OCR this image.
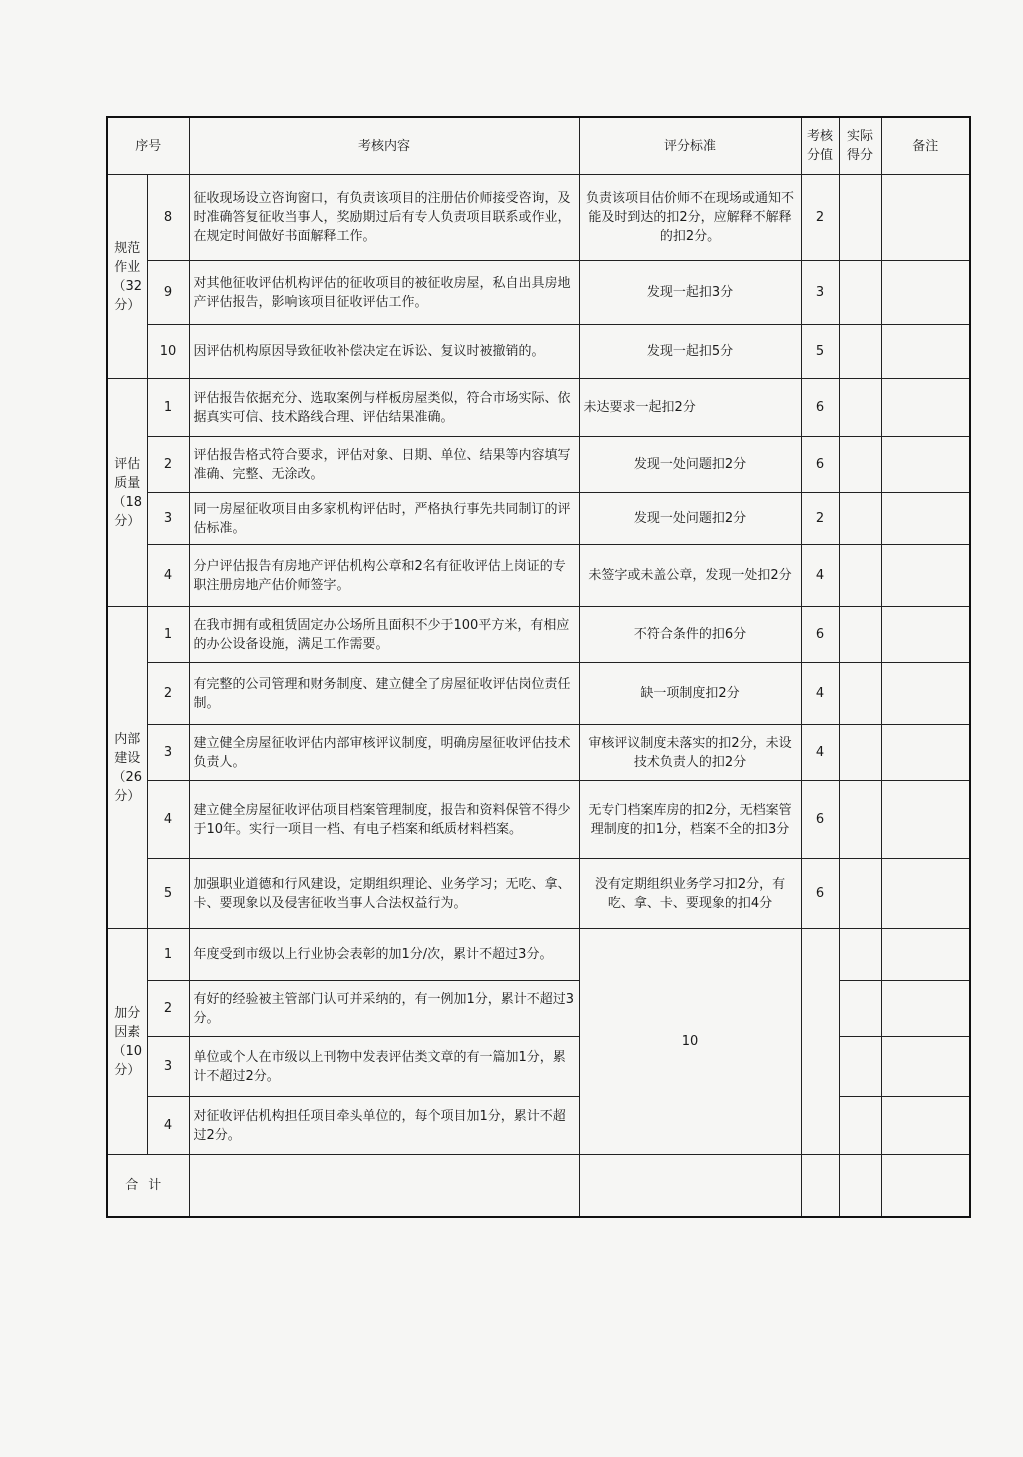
序号		考核内容	评分标准	考核分值	实际得分	备注
规范作业（32分）	8	征收现场设立咨询窗口，有负责该项目的注册估价师接受咨询，及时准确答复征收当事人，奖励期过后有专人负责项目联系或作业，在规定时间做好书面解释工作。	负责该项目估价师不在现场或通知不能及时到达的扣2分，应解释不解释的扣2分。	2		
	9	对其他征收评估机构评估的征收项目的被征收房屋，私自出具房地产评估报告，影响该项目征收评估工作。	发现一起扣3分	3		
	10	因评估机构原因导致征收补偿决定在诉讼、复议时被撤销的。	发现一起扣5分	5		
评估质量（18分）	1	评估报告依据充分、选取案例与样板房屋类似，符合市场实际、依据真实可信、技术路线合理、评估结果准确。	未达要求一起扣2分	6		
	2	评估报告格式符合要求，评估对象、日期、单位、结果等内容填写准确、完整、无涂改。	发现一处问题扣2分	6		
	3	同一房屋征收项目由多家机构评估时，严格执行事先共同制订的评估标准。	发现一处问题扣2分	2		
	4	分户评估报告有房地产评估机构公章和2名有征收评估上岗证的专职注册房地产估价师签字。	未签字或未盖公章，发现一处扣2分	4		
内部建设（26分）	1	在我市拥有或租赁固定办公场所且面积不少于100平方米，有相应的办公设备设施，满足工作需要。	不符合条件的扣6分	6		
	2	有完整的公司管理和财务制度、建立健全了房屋征收评估岗位责任制。	缺一项制度扣2分	4		
	3	建立健全房屋征收评估内部审核评议制度，明确房屋征收评估技术负责人。	审核评议制度未落实的扣2分，未设技术负责人的扣2分	4		
	4	建立健全房屋征收评估项目档案管理制度，报告和资料保管不得少于10年。实行一项目一档、有电子档案和纸质材料档案。	无专门档案库房的扣2分，无档案管理制度的扣1分，档案不全的扣3分	6		
	5	加强职业道德和行风建设，定期组织理论、业务学习；无吃、拿、卡、要现象以及侵害征收当事人合法权益行为。	没有定期组织业务学习扣2分，有吃、拿、卡、要现象的扣4分	6		
加分因素（10分）	1	年度受到市级以上行业协会表彰的加1分/次，累计不超过3分。	10			
	2	有好的经验被主管部门认可并采纳的，有一例加1分，累计不超过3分。				
	3	单位或个人在市级以上刊物中发表评估类文章的有一篇加1分，累计不超过2分。				
	4	对征收评估机构担任项目牵头单位的，每个项目加1分，累计不超过2分。				
合计						
